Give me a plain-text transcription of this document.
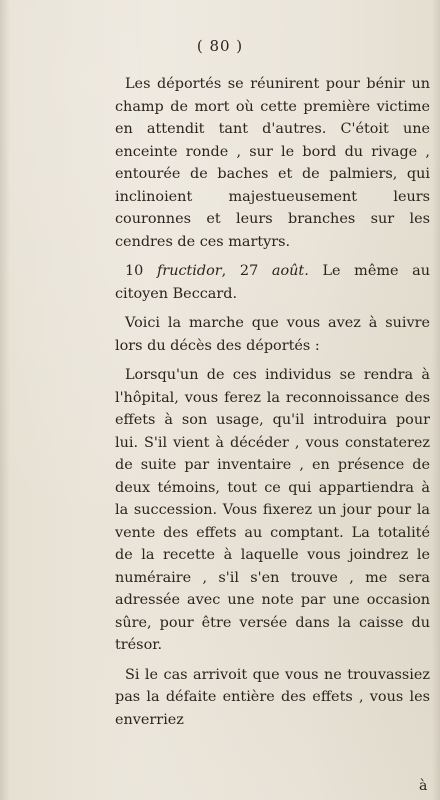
( 80 )

Les déportés se réunirent pour bénir un champ de mort où cette première victime en attendit tant d'autres. C'étoit une enceinte ronde , sur le bord du rivage , entourée de baches et de palmiers, qui inclinoient majestueusement leurs couronnes et leurs branches sur les cendres de ces martyrs.

10 fructidor, 27 août. Le même au citoyen Beccard.

Voici la marche que vous avez à suivre lors du décès des déportés :

Lorsqu'un de ces individus se rendra à l'hôpital, vous ferez la reconnoissance des effets à son usage, qu'il introduira pour lui. S'il vient à décéder , vous constaterez de suite par inventaire , en présence de deux témoins, tout ce qui appartiendra à la succession. Vous fixerez un jour pour la vente des effets au comptant. La totalité de la recette à laquelle vous joindrez le numéraire , s'il s'en trouve , me sera adressée avec une note par une occasion sûre, pour être versée dans la caisse du trésor.

Si le cas arrivoit que vous ne trouvassiez pas la défaite entière des effets , vous les enverriez

à
